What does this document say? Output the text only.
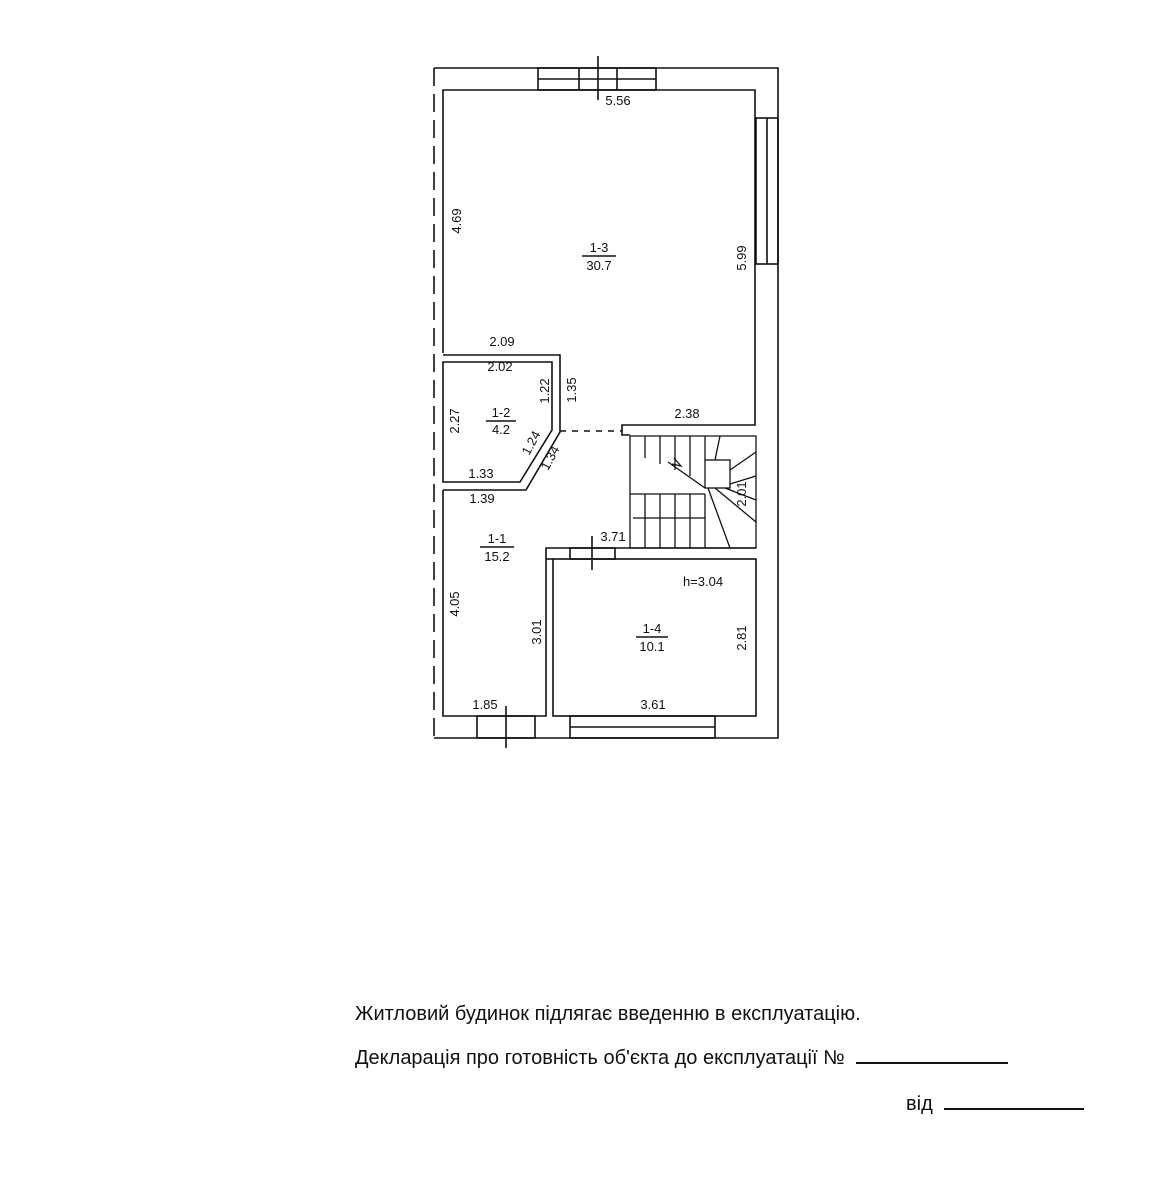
1-3
30.7
1-2
4.2
1-1
15.2
1-4
10.1
5.56
2.09
2.38
2.02
1.33
1.39
1.85
3.71
3.61
h=3.04
4.69
5.99
2.27
1.22 1.35
1.24
1.34
4.05
3.01	2.81
2.01
Житловий будинок підлягає введенню в експлуатацію.
Декларація про готовність об'єкта до експлуатації №
від
